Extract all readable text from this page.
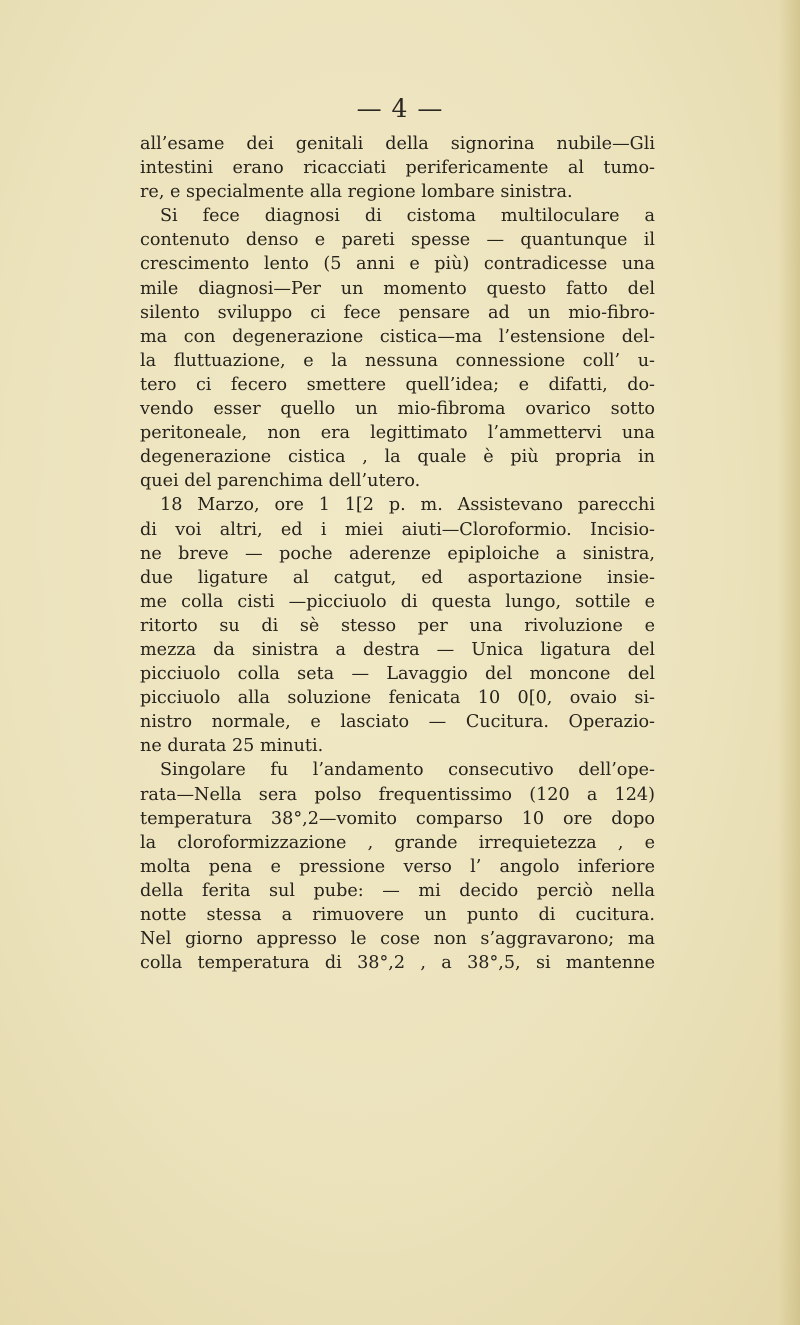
— 4 —
all’esame dei genitali della signorina nubile—Gli
intestini erano ricacciati perifericamente al tumo-
re, e specialmente alla regione lombare sinistra.
Si fece diagnosi di cistoma multiloculare a
contenuto denso e pareti spesse — quantunque il
crescimento lento (5 anni e più) contradicesse una
mile diagnosi—Per un momento questo fatto del
silento sviluppo ci fece pensare ad un mio-fibro-
ma con degenerazione cistica—ma l’estensione del-
la fluttuazione, e la nessuna connessione coll’ u-
tero ci fecero smettere quell’idea; e difatti, do-
vendo esser quello un mio-fibroma ovarico sotto
peritoneale, non era legittimato l’ammettervi una
degenerazione cistica , la quale è più propria in
quei del parenchima dell’utero.
18 Marzo, ore 1 1[2 p. m. Assistevano parecchi
di voi altri, ed i miei aiuti—Cloroformio. Incisio-
ne breve — poche aderenze epiploiche a sinistra,
due ligature al catgut, ed asportazione insie-
me colla cisti —picciuolo di questa lungo, sottile e
ritorto su di sè stesso per una rivoluzione e
mezza da sinistra a destra — Unica ligatura del
picciuolo colla seta — Lavaggio del moncone del
picciuolo alla soluzione fenicata 10 0[0, ovaio si-
nistro normale, e lasciato — Cucitura. Operazio-
ne durata 25 minuti.
Singolare fu l’andamento consecutivo dell’ope-
rata—Nella sera polso frequentissimo (120 a 124)
temperatura 38°,2—vomito comparso 10 ore dopo
la cloroformizzazione , grande irrequietezza , e
molta pena e pressione verso l’ angolo inferiore
della ferita sul pube: — mi decido perciò nella
notte stessa a rimuovere un punto di cucitura.
Nel giorno appresso le cose non s’aggravarono; ma
colla temperatura di 38°,2 , a 38°,5, si mantenne
